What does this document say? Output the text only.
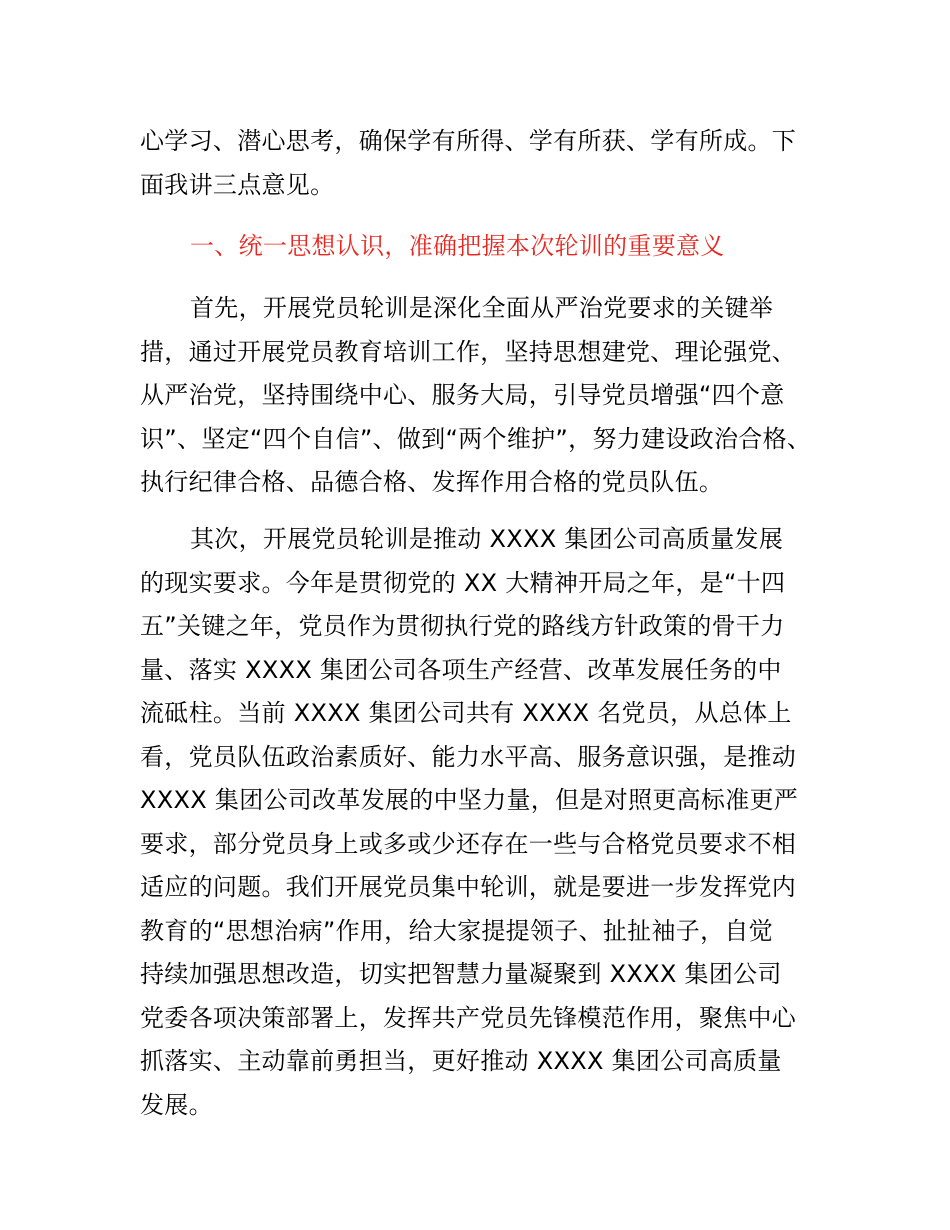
心学习、潜心思考，确保学有所得、学有所获、学有所成。下
面我讲三点意见。
一、统一思想认识，准确把握本次轮训的重要意义
首先，开展党员轮训是深化全面从严治党要求的关键举
措，通过开展党员教育培训工作，坚持思想建党、理论强党、
从严治党，坚持围绕中心、服务大局，引导党员增强“四个意
识”、坚定“四个自信”、做到“两个维护”，努力建设政治合格、
执行纪律合格、品德合格、发挥作用合格的党员队伍。
其次，开展党员轮训是推动 XXXX 集团公司高质量发展
的现实要求。今年是贯彻党的 XX 大精神开局之年，是“十四
五”关键之年，党员作为贯彻执行党的路线方针政策的骨干力
量、落实 XXXX 集团公司各项生产经营、改革发展任务的中
流砥柱。当前 XXXX 集团公司共有 XXXX 名党员，从总体上
看，党员队伍政治素质好、能力水平高、服务意识强，是推动
XXXX 集团公司改革发展的中坚力量，但是对照更高标准更严
要求，部分党员身上或多或少还存在一些与合格党员要求不相
适应的问题。我们开展党员集中轮训，就是要进一步发挥党内
教育的“思想治病”作用，给大家提提领子、扯扯袖子，自觉
持续加强思想改造，切实把智慧力量凝聚到 XXXX 集团公司
党委各项决策部署上，发挥共产党员先锋模范作用，聚焦中心
抓落实、主动靠前勇担当，更好推动 XXXX 集团公司高质量
发展。
